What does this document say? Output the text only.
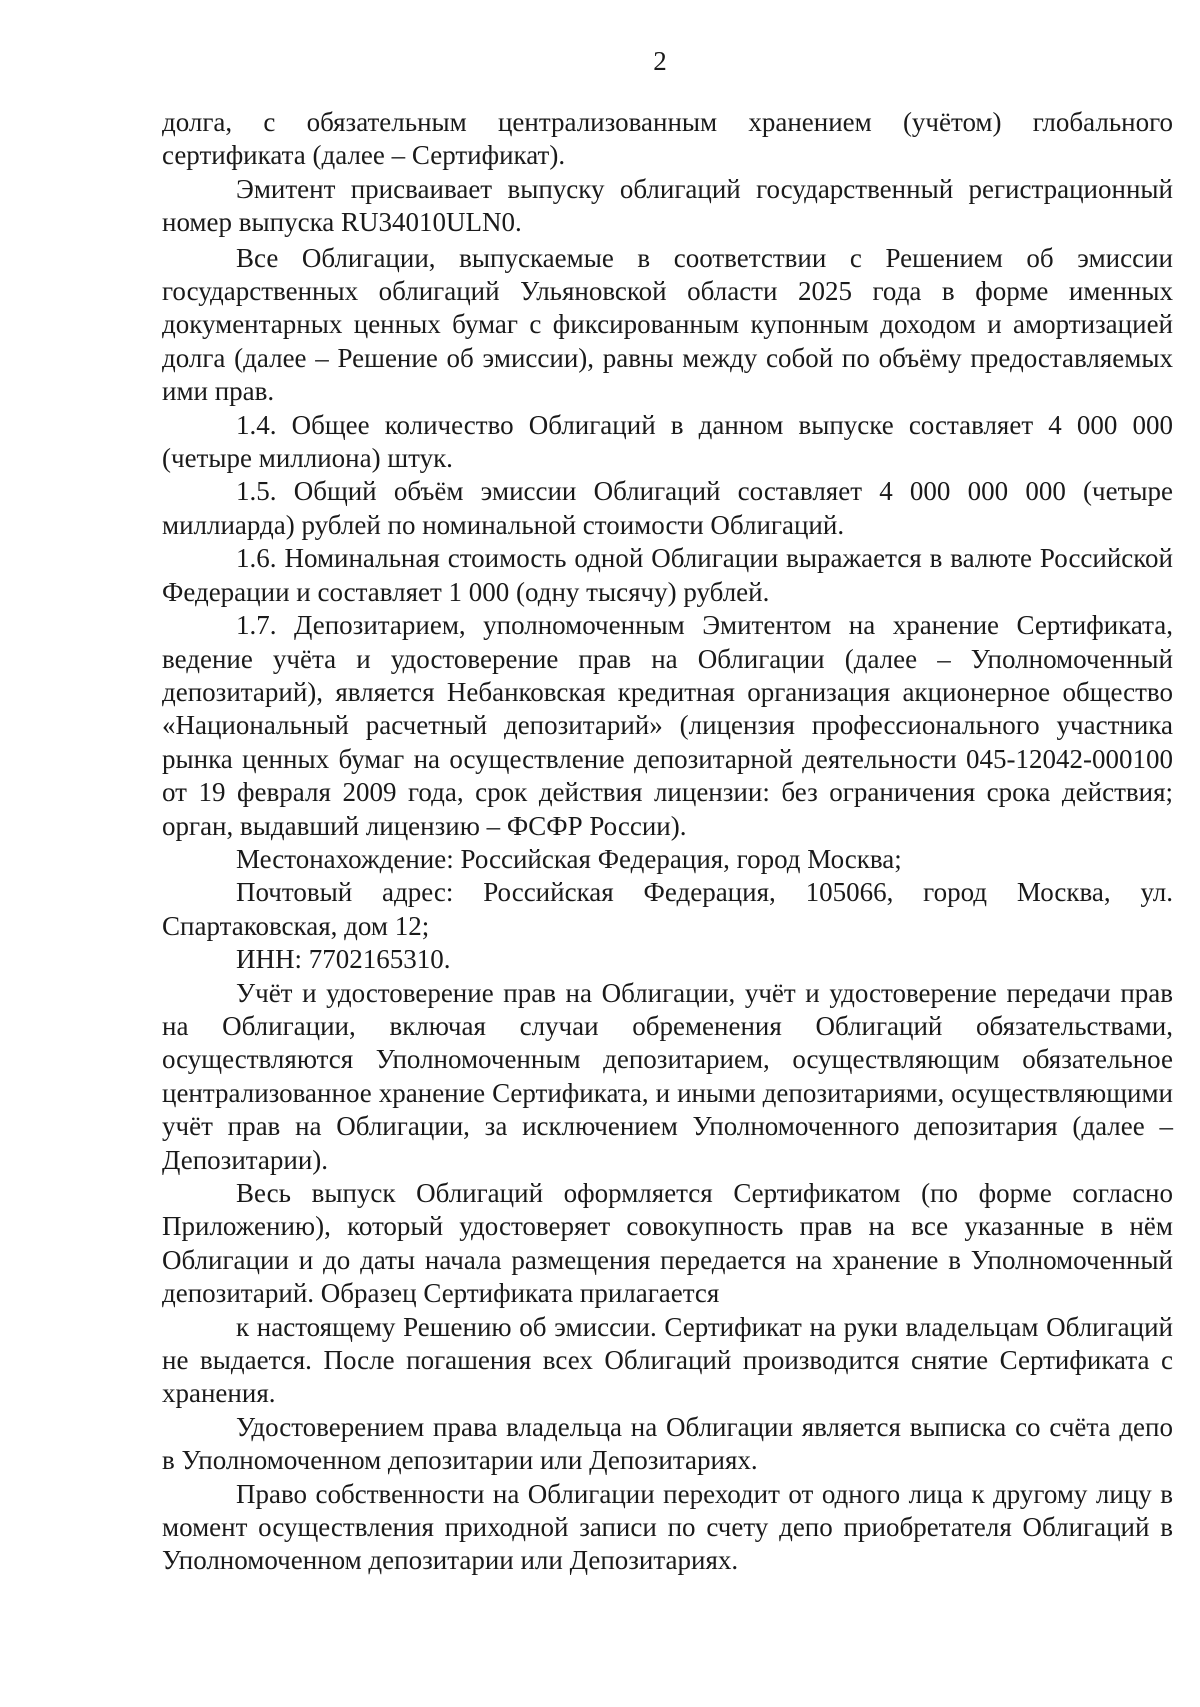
2

долга, с обязательным централизованным хранением (учётом) глобального сертификата (далее – Сертификат).

Эмитент присваивает выпуску облигаций государственный регистрационный номер выпуска RU34010ULN0.

Все Облигации, выпускаемые в соответствии с Решением об эмиссии государственных облигаций Ульяновской области 2025 года в форме именных документарных ценных бумаг с фиксированным купонным доходом и амортизацией долга (далее – Решение об эмиссии), равны между собой по объёму предоставляемых ими прав.

1.4. Общее количество Облигаций в данном выпуске составляет 4 000 000 (четыре миллиона) штук.

1.5. Общий объём эмиссии Облигаций составляет 4 000 000 000 (четыре миллиарда) рублей по номинальной стоимости Облигаций.

1.6. Номинальная стоимость одной Облигации выражается в валюте Российской Федерации и составляет 1 000 (одну тысячу) рублей.

1.7. Депозитарием, уполномоченным Эмитентом на хранение Сертификата, ведение учёта и удостоверение прав на Облигации (далее – Уполномоченный депозитарий), является Небанковская кредитная организация акционерное общество «Национальный расчетный депозитарий» (лицензия профессионального участника рынка ценных бумаг на осуществление депозитарной деятельности 045-12042-000100 от 19 февраля 2009 года, срок действия лицензии: без ограничения срока действия; орган, выдавший лицензию – ФСФР России).

Местонахождение: Российская Федерация, город Москва;

Почтовый адрес: Российская Федерация, 105066, город Москва, ул. Спартаковская, дом 12;

ИНН: 7702165310.

Учёт и удостоверение прав на Облигации, учёт и удостоверение передачи прав на Облигации, включая случаи обременения Облигаций обязательствами, осуществляются Уполномоченным депозитарием, осуществляющим обязательное централизованное хранение Сертификата, и иными депозитариями, осуществляющими учёт прав на Облигации, за исключением Уполномоченного депозитария (далее – Депозитарии).

Весь выпуск Облигаций оформляется Сертификатом (по форме согласно Приложению), который удостоверяет совокупность прав на все указанные в нём Облигации и до даты начала размещения передается на хранение в Уполномоченный депозитарий. Образец Сертификата прилагается

к настоящему Решению об эмиссии. Сертификат на руки владельцам Облигаций не выдается. После погашения всех Облигаций производится снятие Сертификата с хранения.

Удостоверением права владельца на Облигации является выписка со счёта депо в Уполномоченном депозитарии или Депозитариях.

Право собственности на Облигации переходит от одного лица к другому лицу в момент осуществления приходной записи по счету депо приобретателя Облигаций в Уполномоченном депозитарии или Депозитариях.
